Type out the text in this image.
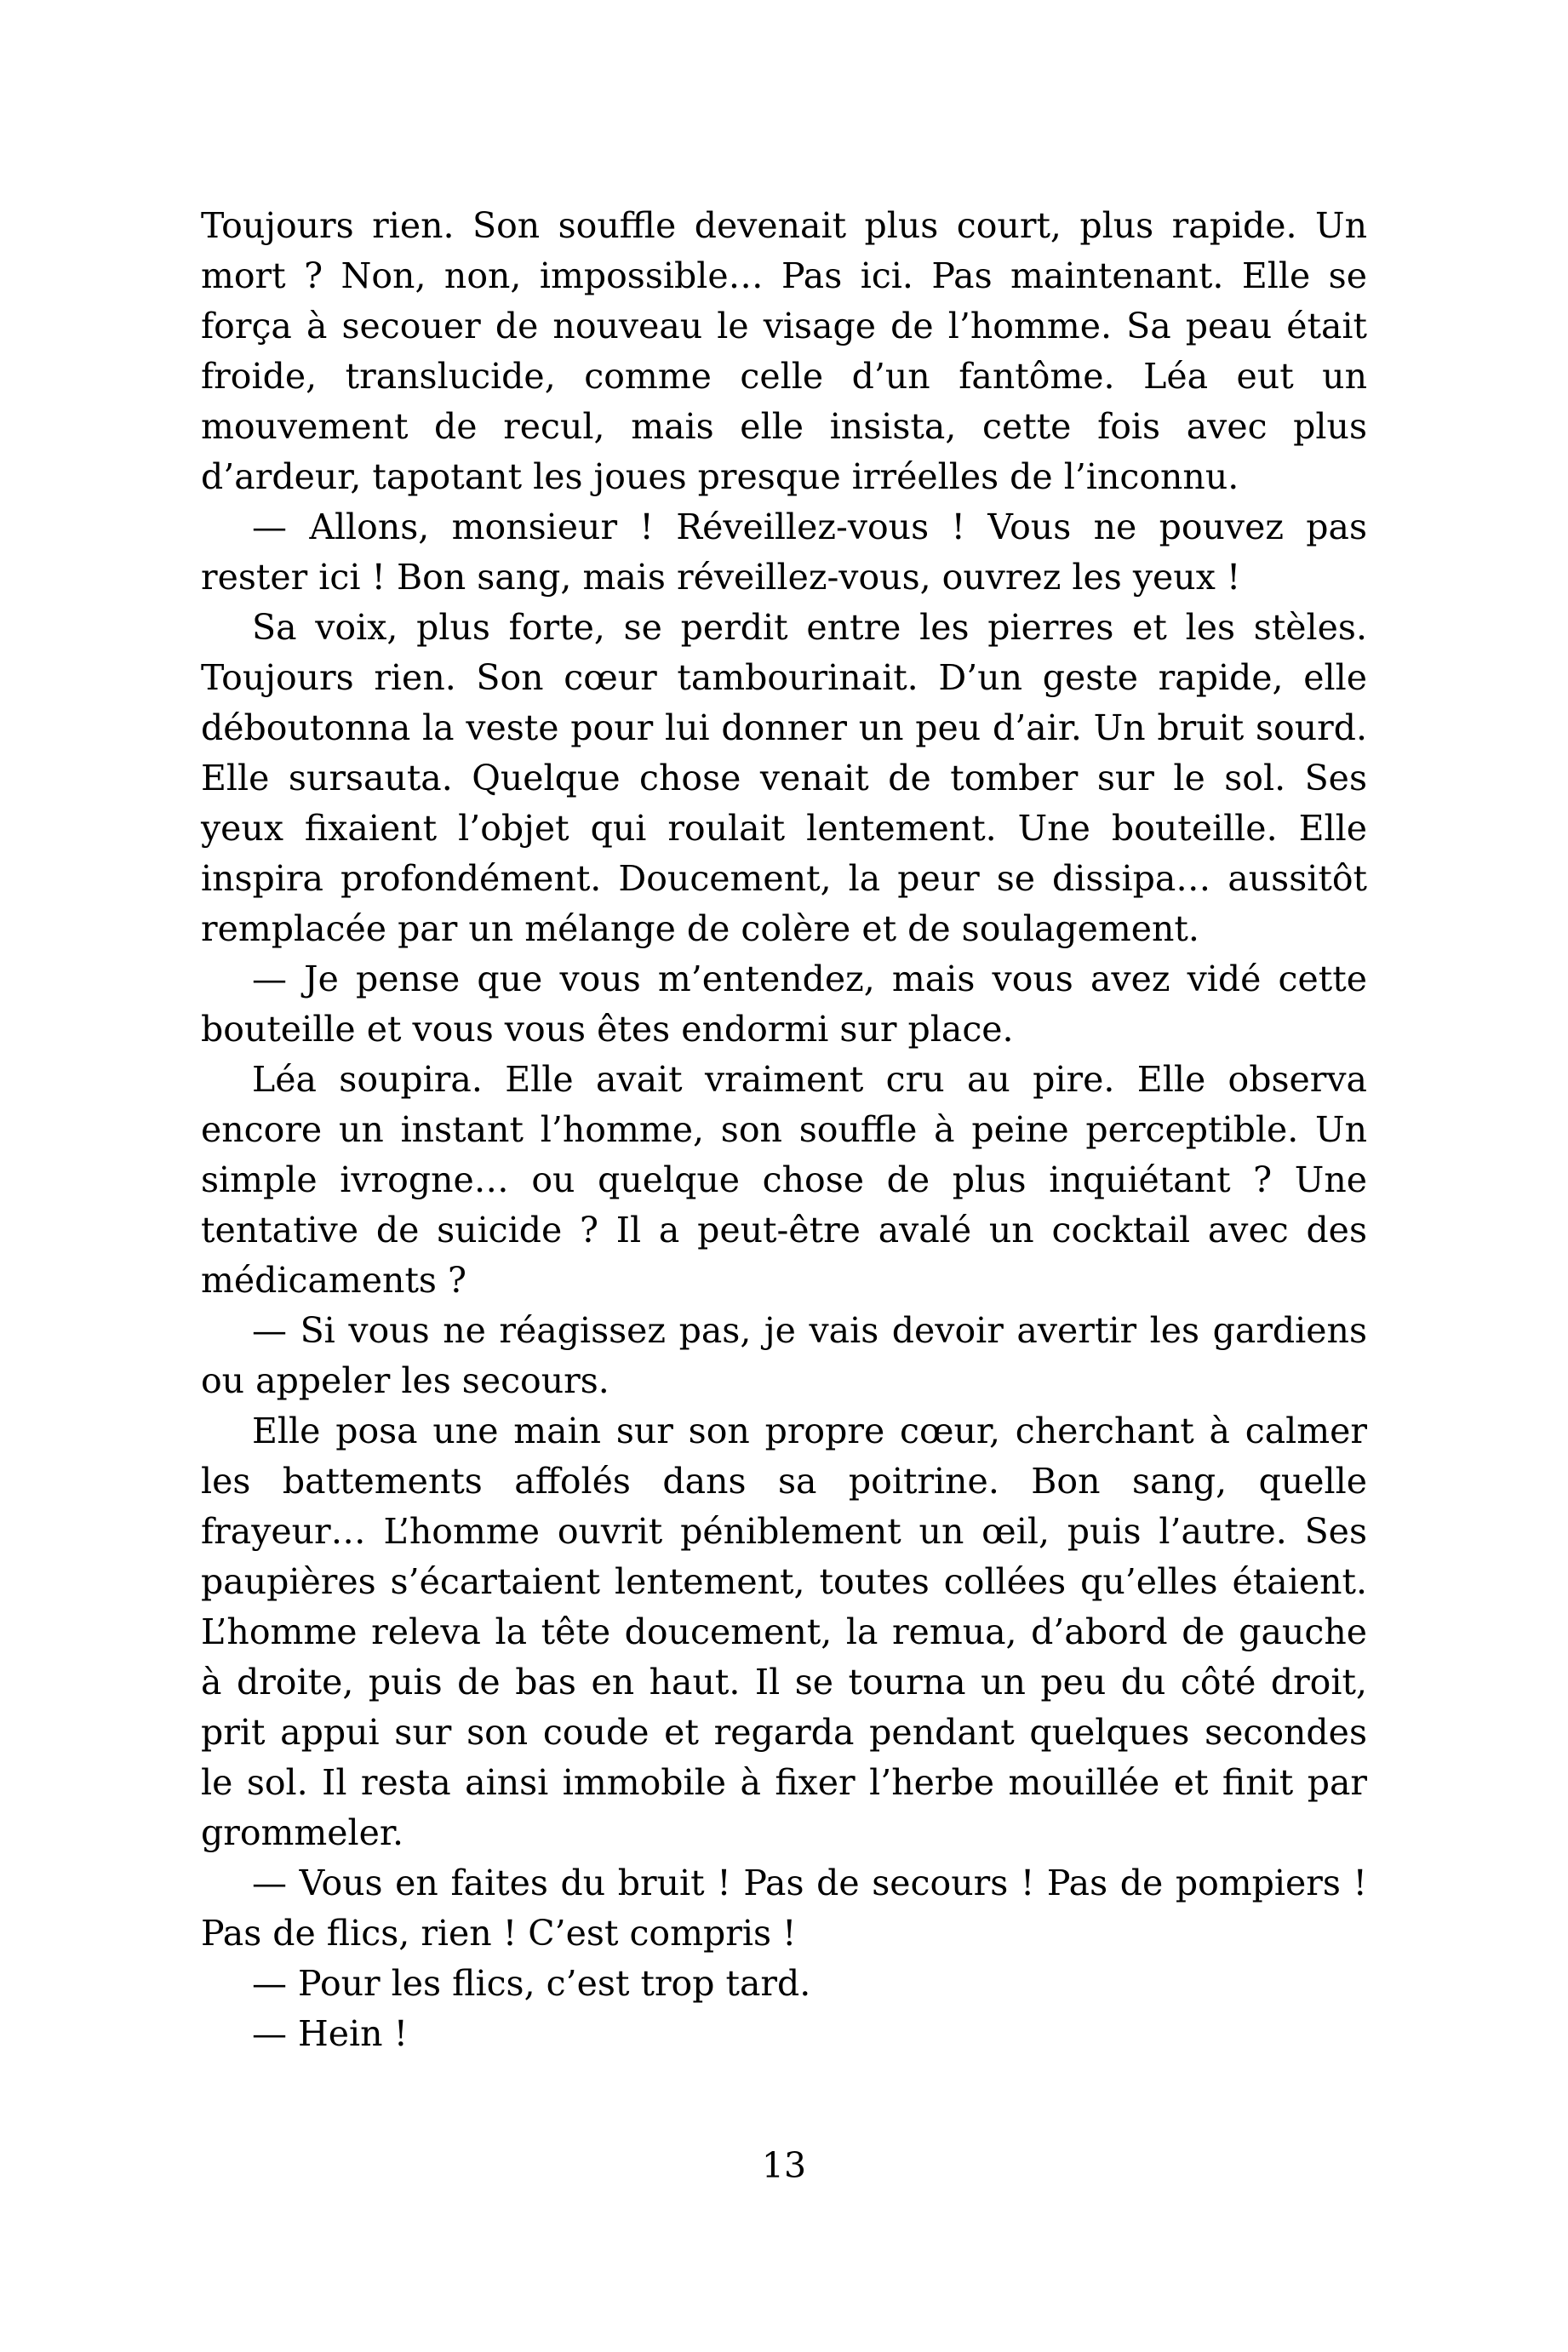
Toujours rien. Son souffle devenait plus court, plus rapide. Un mort ? Non, non, impossible… Pas ici. Pas maintenant. Elle se força à secouer de nouveau le visage de l’homme. Sa peau était froide, translucide, comme celle d’un fantôme. Léa eut un mouvement de recul, mais elle insista, cette fois avec plus d’ardeur, tapotant les joues presque irréelles de l’inconnu.

— Allons, monsieur ! Réveillez-vous ! Vous ne pouvez pas rester ici ! Bon sang, mais réveillez-vous, ouvrez les yeux !

Sa voix, plus forte, se perdit entre les pierres et les stèles. Toujours rien. Son cœur tambourinait. D’un geste rapide, elle déboutonna la veste pour lui donner un peu d’air. Un bruit sourd. Elle sursauta. Quelque chose venait de tomber sur le sol. Ses yeux fixaient l’objet qui roulait lentement. Une bouteille. Elle inspira profondément. Doucement, la peur se dissipa… aussitôt remplacée par un mélange de colère et de soulagement.

— Je pense que vous m’entendez, mais vous avez vidé cette bouteille et vous vous êtes endormi sur place.

Léa soupira. Elle avait vraiment cru au pire. Elle observa encore un instant l’homme, son souffle à peine perceptible. Un simple ivrogne… ou quelque chose de plus inquiétant ? Une tentative de suicide ? Il a peut-être avalé un cocktail avec des médicaments ?

— Si vous ne réagissez pas, je vais devoir avertir les gardiens ou appeler les secours.

Elle posa une main sur son propre cœur, cherchant à calmer les battements affolés dans sa poitrine. Bon sang, quelle frayeur… L’homme ouvrit péniblement un œil, puis l’autre. Ses paupières s’écartaient lentement, toutes collées qu’elles étaient. L’homme releva la tête doucement, la remua, d’abord de gauche à droite, puis de bas en haut. Il se tourna un peu du côté droit, prit appui sur son coude et regarda pendant quelques secondes le sol. Il resta ainsi immobile à fixer l’herbe mouillée et finit par grommeler.

— Vous en faites du bruit ! Pas de secours ! Pas de pompiers ! Pas de flics, rien ! C’est compris !

— Pour les flics, c’est trop tard.

— Hein !

13
